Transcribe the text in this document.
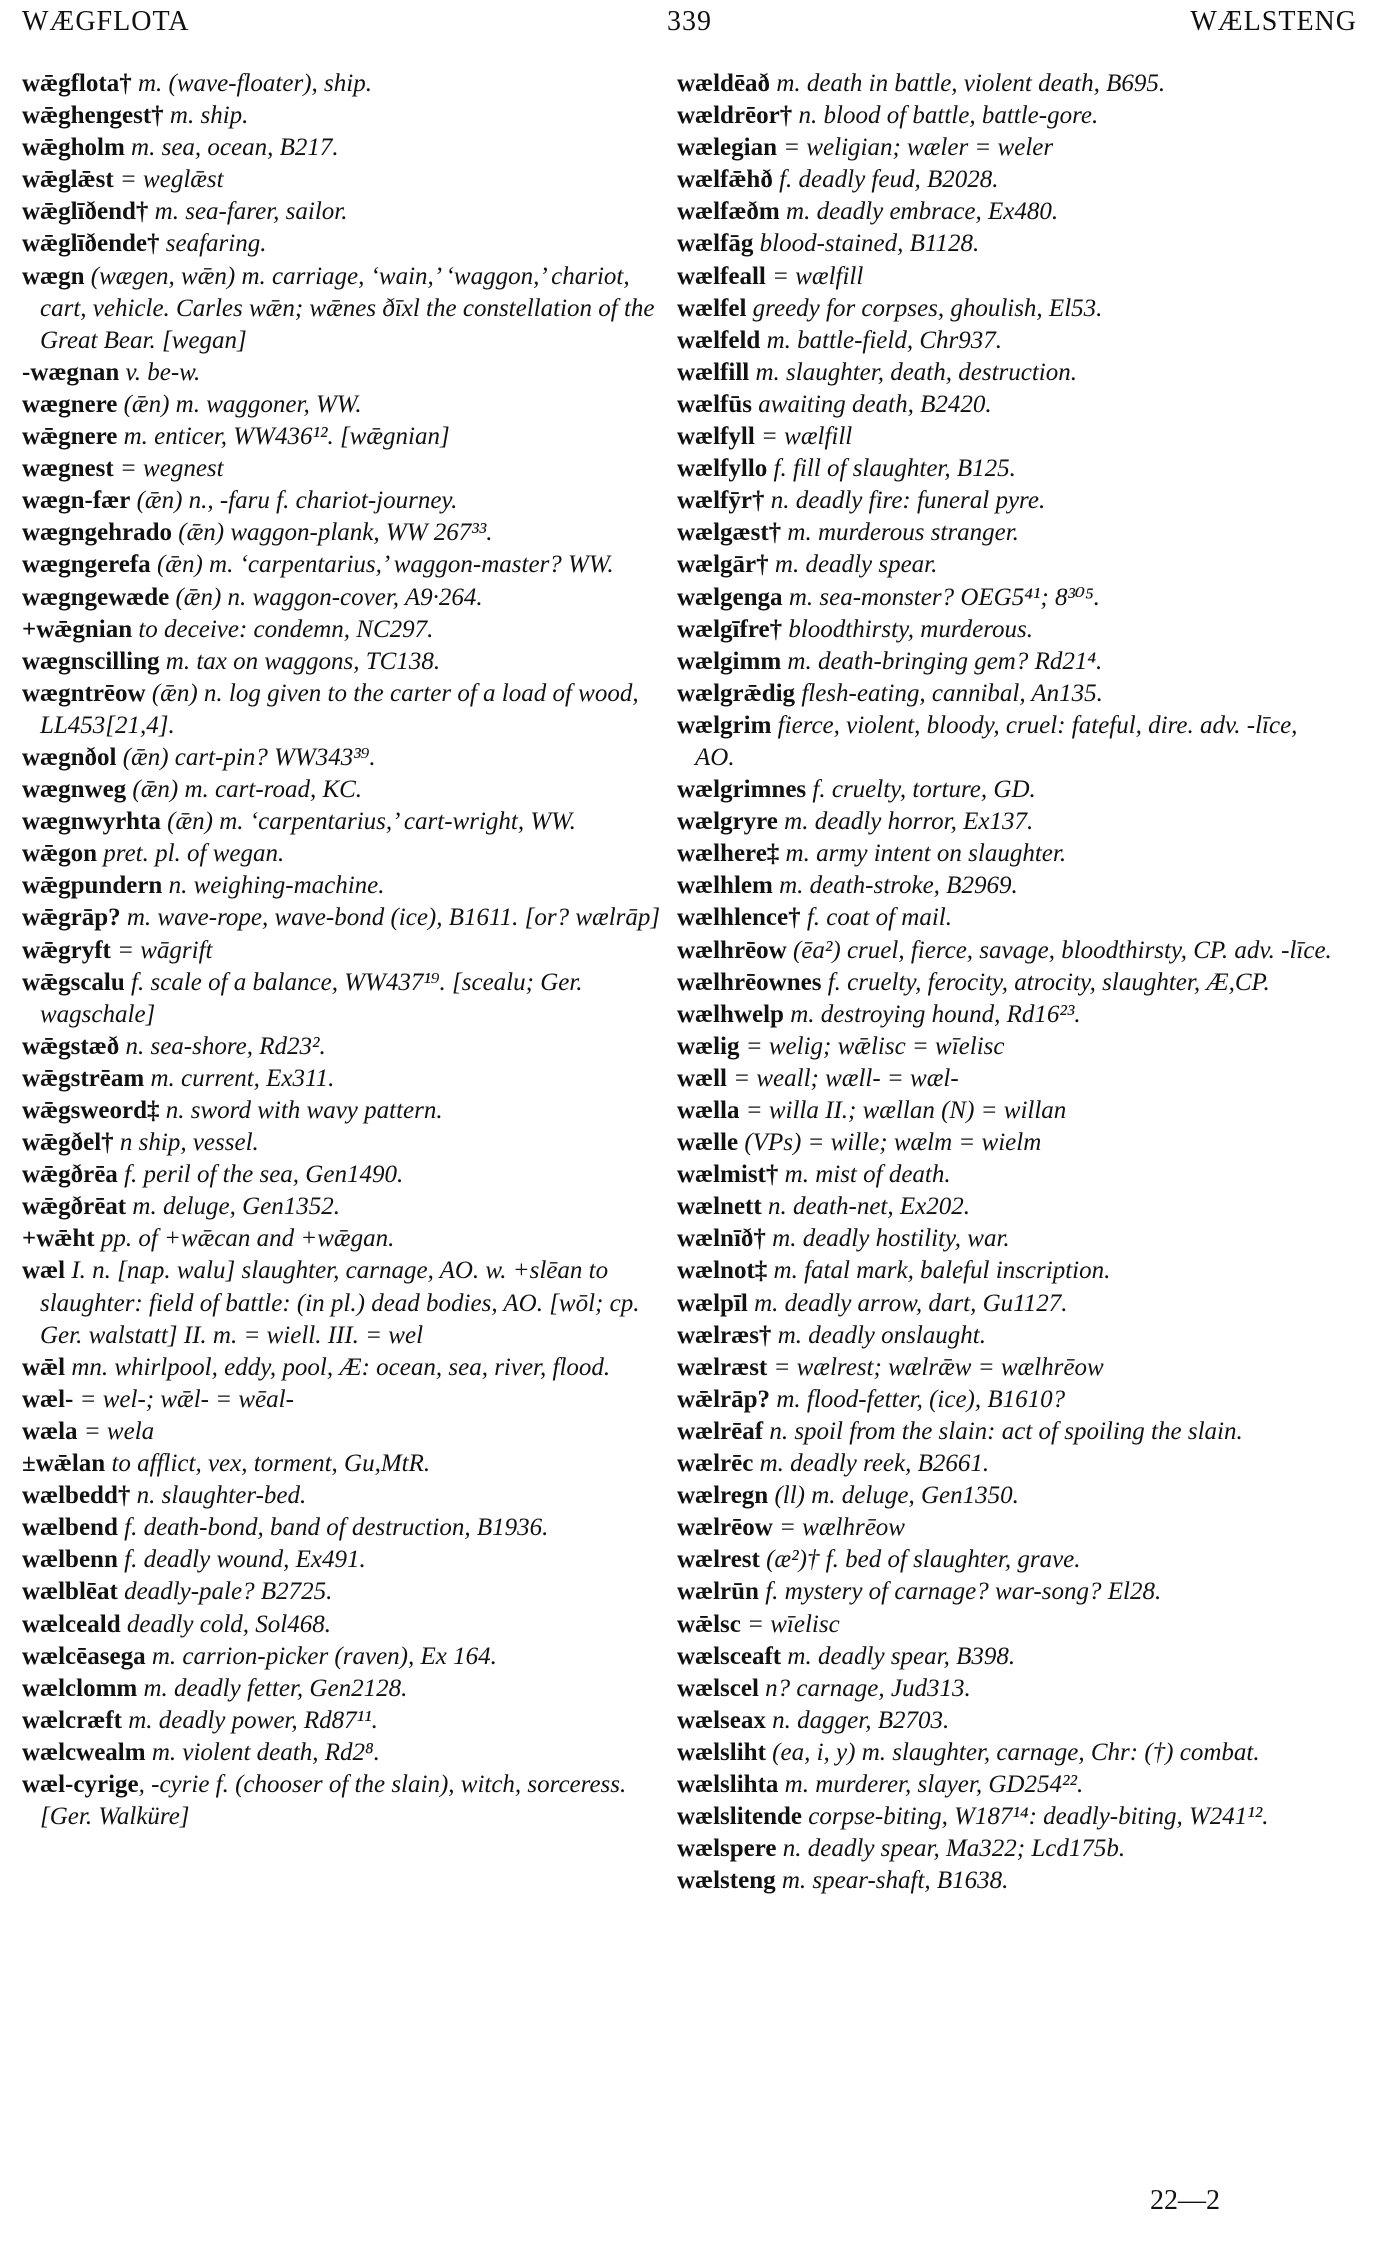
WÆGFLOTA	339	WÆLSTENG

wǣgflota† m. (wave-floater), ship.

wǣghengest† m. ship.

wǣgholm m. sea, ocean, B217.

wǣglǣst = weglǣst

wǣglīðend† m. sea-farer, sailor.

wǣglīðende† seafaring.

wægn (wægen, wǣn) m. carriage, ‘wain,’ ‘waggon,’ chariot, cart, vehicle. Carles wǣn; wǣnes ðīxl the constellation of the Great Bear. [wegan]

-wægnan v. be-w.

wægnere (ǣn) m. waggoner, WW.

wǣgnere m. enticer, WW436¹². [wǣgnian]

wægnest = wegnest

wægn-fær (ǣn) n., -faru f. chariot-journey.

wægngehrado (ǣn) waggon-plank, WW 267³³.

wægngerefa (ǣn) m. ‘carpentarius,’ waggon-master? WW.

wægngewæde (ǣn) n. waggon-cover, A9·264.

+wǣgnian to deceive: condemn, NC297.

wægnscilling m. tax on waggons, TC138.

wægntrēow (ǣn) n. log given to the carter of a load of wood, LL453[21,4].

wægnðol (ǣn) cart-pin? WW343³⁹.

wægnweg (ǣn) m. cart-road, KC.

wægnwyrhta (ǣn) m. ‘carpentarius,’ cart-wright, WW.

wǣgon pret. pl. of wegan.

wǣgpundern n. weighing-machine.

wǣgrāp? m. wave-rope, wave-bond (ice), B1611. [or? wælrāp]

wǣgryft = wāgrift

wǣgscalu f. scale of a balance, WW437¹⁹. [scealu; Ger. wagschale]

wǣgstæð n. sea-shore, Rd23².

wǣgstrēam m. current, Ex311.

wǣgsweord‡ n. sword with wavy pattern.

wǣgðel† n ship, vessel.

wǣgðrēa f. peril of the sea, Gen1490.

wǣgðrēat m. deluge, Gen1352.

+wǣht pp. of +wǣcan and +wǣgan.

wæl I. n. [nap. walu] slaughter, carnage, AO. w. +slēan to slaughter: field of battle: (in pl.) dead bodies, AO. [wōl; cp. Ger. walstatt] II. m. = wiell. III. = wel

wǣl mn. whirlpool, eddy, pool, Æ: ocean, sea, river, flood.

wæl- = wel-; wǣl- = wēal-

wæla = wela

±wǣlan to afflict, vex, torment, Gu,MtR.

wælbedd† n. slaughter-bed.

wælbend f. death-bond, band of destruction, B1936.

wælbenn f. deadly wound, Ex491.

wælblēat deadly-pale? B2725.

wælceald deadly cold, Sol468.

wælcēasega m. carrion-picker (raven), Ex 164.

wælclomm m. deadly fetter, Gen2128.

wælcræft m. deadly power, Rd87¹¹.

wælcwealm m. violent death, Rd2⁸.

wæl-cyrige, -cyrie f. (chooser of the slain), witch, sorceress. [Ger. Walküre]

wældēað m. death in battle, violent death, B695.

wældrēor† n. blood of battle, battle-gore.

wælegian = weligian; wæler = weler

wælfǣhð f. deadly feud, B2028.

wælfæðm m. deadly embrace, Ex480.

wælfāg blood-stained, B1128.

wælfeall = wælfill

wælfel greedy for corpses, ghoulish, El53.

wælfeld m. battle-field, Chr937.

wælfill m. slaughter, death, destruction.

wælfūs awaiting death, B2420.

wælfyll = wælfill

wælfyllo f. fill of slaughter, B125.

wælfȳr† n. deadly fire: funeral pyre.

wælgæst† m. murderous stranger.

wælgār† m. deadly spear.

wælgenga m. sea-monster? OEG5⁴¹; 8³⁰⁵.

wælgīfre† bloodthirsty, murderous.

wælgimm m. death-bringing gem? Rd21⁴.

wælgrǣdig flesh-eating, cannibal, An135.

wælgrim fierce, violent, bloody, cruel: fateful, dire. adv. -līce, AO.

wælgrimnes f. cruelty, torture, GD.

wælgryre m. deadly horror, Ex137.

wælhere‡ m. army intent on slaughter.

wælhlem m. death-stroke, B2969.

wælhlence† f. coat of mail.

wælhrēow (ēa²) cruel, fierce, savage, bloodthirsty, CP. adv. -līce.

wælhrēownes f. cruelty, ferocity, atrocity, slaughter, Æ,CP.

wælhwelp m. destroying hound, Rd16²³.

wælig = welig; wǣlisc = wīelisc

wæll = weall; wæll- = wæl-

wælla = willa II.; wællan (N) = willan

wælle (VPs) = wille; wælm = wielm

wælmist† m. mist of death.

wælnett n. death-net, Ex202.

wælnīð† m. deadly hostility, war.

wælnot‡ m. fatal mark, baleful inscription.

wælpīl m. deadly arrow, dart, Gu1127.

wælræs† m. deadly onslaught.

wælræst = wælrest; wælrǣw = wælhrēow

wǣlrāp? m. flood-fetter, (ice), B1610?

wælrēaf n. spoil from the slain: act of spoiling the slain.

wælrēc m. deadly reek, B2661.

wælregn (ll) m. deluge, Gen1350.

wælrēow = wælhrēow

wælrest (æ²)† f. bed of slaughter, grave.

wælrūn f. mystery of carnage? war-song? El28.

wǣlsc = wīelisc

wælsceaft m. deadly spear, B398.

wælscel n? carnage, Jud313.

wælseax n. dagger, B2703.

wælsliht (ea, i, y) m. slaughter, carnage, Chr: (†) combat.

wælslihta m. murderer, slayer, GD254²².

wælslitende corpse-biting, W187¹⁴: deadly-biting, W241¹².

wælspere n. deadly spear, Ma322; Lcd175b.

wælsteng m. spear-shaft, B1638.

22—2
